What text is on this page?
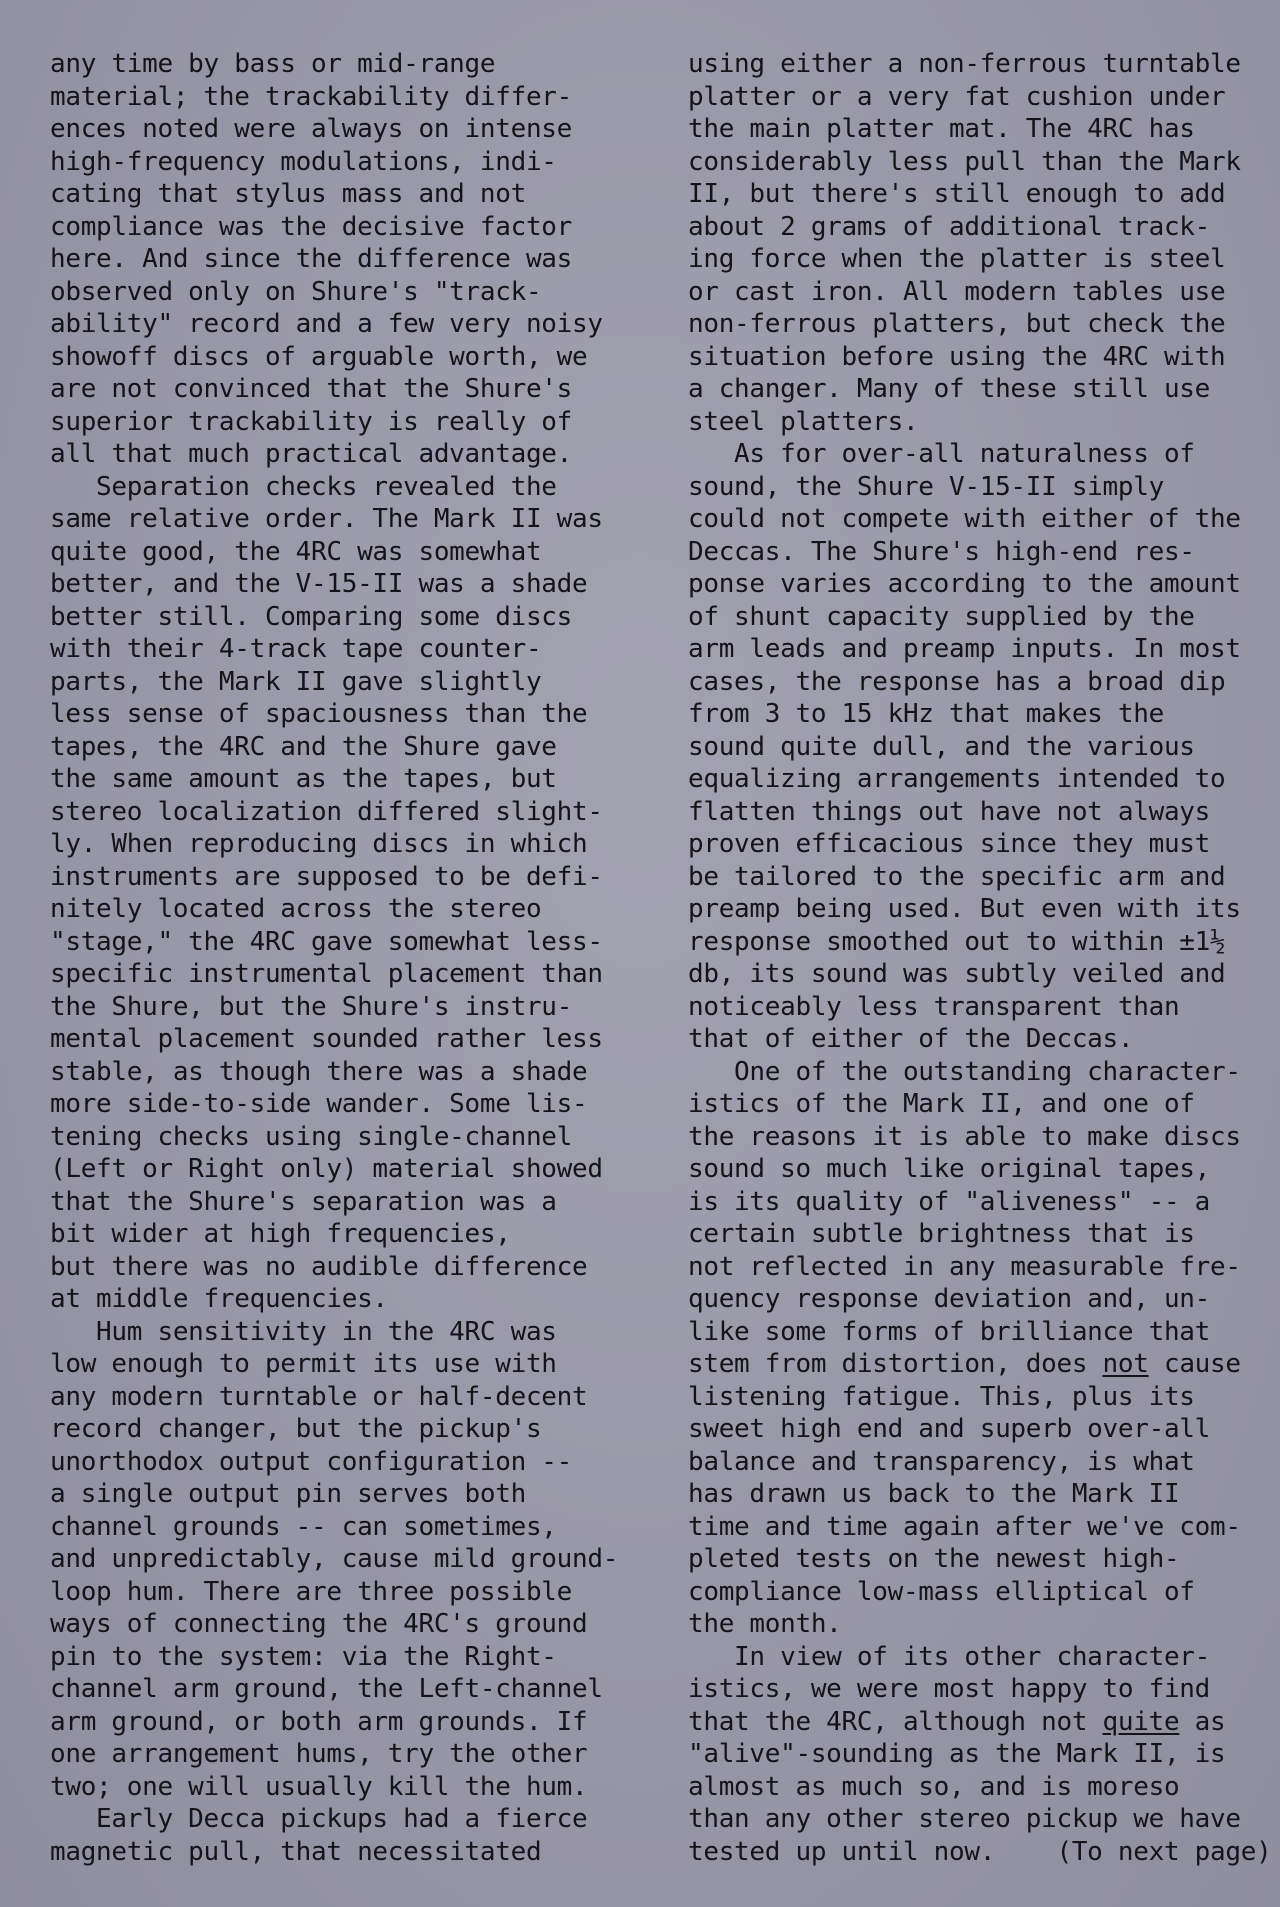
any time by bass or mid-range
material; the trackability differ-
ences noted were always on intense
high-frequency modulations, indi-
cating that stylus mass and not
compliance was the decisive factor
here. And since the difference was
observed only on Shure's "track-
ability" record and a few very noisy
showoff discs of arguable worth, we
are not convinced that the Shure's
superior trackability is really of
all that much practical advantage.
Separation checks revealed the
same relative order. The Mark II was
quite good, the 4RC was somewhat
better, and the V-15-II was a shade
better still. Comparing some discs
with their 4-track tape counter-
parts, the Mark II gave slightly
less sense of spaciousness than the
tapes, the 4RC and the Shure gave
the same amount as the tapes, but
stereo localization differed slight-
ly. When reproducing discs in which
instruments are supposed to be defi-
nitely located across the stereo
"stage," the 4RC gave somewhat less-
specific instrumental placement than
the Shure, but the Shure's instru-
mental placement sounded rather less
stable, as though there was a shade
more side-to-side wander. Some lis-
tening checks using single-channel
(Left or Right only) material showed
that the Shure's separation was a
bit wider at high frequencies,
but there was no audible difference
at middle frequencies.
Hum sensitivity in the 4RC was
low enough to permit its use with
any modern turntable or half-decent
record changer, but the pickup's
unorthodox output configuration --
a single output pin serves both
channel grounds -- can sometimes,
and unpredictably, cause mild ground-
loop hum. There are three possible
ways of connecting the 4RC's ground
pin to the system: via the Right-
channel arm ground, the Left-channel
arm ground, or both arm grounds. If
one arrangement hums, try the other
two; one will usually kill the hum.
Early Decca pickups had a fierce
magnetic pull, that necessitated
using either a non-ferrous turntable
platter or a very fat cushion under
the main platter mat. The 4RC has
considerably less pull than the Mark
II, but there's still enough to add
about 2 grams of additional track-
ing force when the platter is steel
or cast iron. All modern tables use
non-ferrous platters, but check the
situation before using the 4RC with
a changer. Many of these still use
steel platters.
As for over-all naturalness of
sound, the Shure V-15-II simply
could not compete with either of the
Deccas. The Shure's high-end res-
ponse varies according to the amount
of shunt capacity supplied by the
arm leads and preamp inputs. In most
cases, the response has a broad dip
from 3 to 15 kHz that makes the
sound quite dull, and the various
equalizing arrangements intended to
flatten things out have not always
proven efficacious since they must
be tailored to the specific arm and
preamp being used. But even with its
response smoothed out to within ±1½
db, its sound was subtly veiled and
noticeably less transparent than
that of either of the Deccas.
One of the outstanding character-
istics of the Mark II, and one of
the reasons it is able to make discs
sound so much like original tapes,
is its quality of "aliveness" -- a
certain subtle brightness that is
not reflected in any measurable fre-
quency response deviation and, un-
like some forms of brilliance that
stem from distortion, does not cause
listening fatigue. This, plus its
sweet high end and superb over-all
balance and transparency, is what
has drawn us back to the Mark II
time and time again after we've com-
pleted tests on the newest high-
compliance low-mass elliptical of
the month.
In view of its other character-
istics, we were most happy to find
that the 4RC, although not quite as
"alive"-sounding as the Mark II, is
almost as much so, and is moreso
than any other stereo pickup we have
tested up until now.    (To next page)
